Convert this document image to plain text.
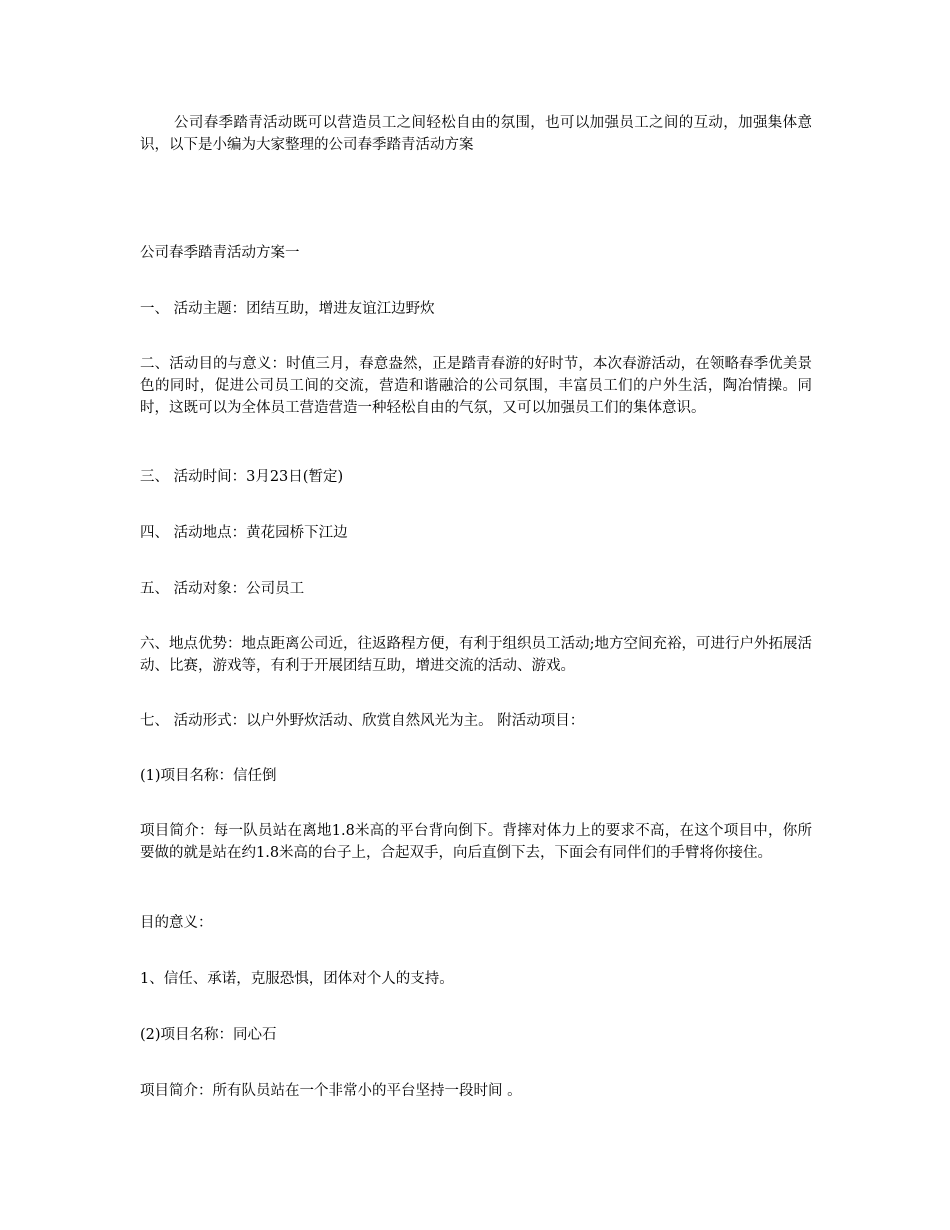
公司春季踏青活动既可以营造员工之间轻松自由的氛围，也可以加强员工之间的互动，加强集体意识，以下是小编为大家整理的公司春季踏青活动方案

公司春季踏青活动方案一

一、 活动主题：团结互助，增进友谊江边野炊

二、活动目的与意义：时值三月，春意盎然，正是踏青春游的好时节，本次春游活动，在领略春季优美景色的同时，促进公司员工间的交流，营造和谐融洽的公司氛围，丰富员工们的户外生活，陶冶情操。同时，这既可以为全体员工营造营造一种轻松自由的气氛，又可以加强员工们的集体意识。

三、 活动时间：3月23日(暂定)

四、 活动地点：黄花园桥下江边

五、 活动对象：公司员工

六、地点优势：地点距离公司近，往返路程方便，有利于组织员工活动;地方空间充裕，可进行户外拓展活动、比赛，游戏等，有利于开展团结互助，增进交流的活动、游戏。

七、 活动形式：以户外野炊活动、欣赏自然风光为主。 附活动项目：

(1)项目名称：信任倒

项目简介：每一队员站在离地1.8米高的平台背向倒下。背摔对体力上的要求不高，在这个项目中，你所要做的就是站在约1.8米高的台子上，合起双手，向后直倒下去，下面会有同伴们的手臂将你接住。

目的意义：

1、信任、承诺，克服恐惧，团体对个人的支持。

(2)项目名称：同心石

项目简介：所有队员站在一个非常小的平台坚持一段时间 。
